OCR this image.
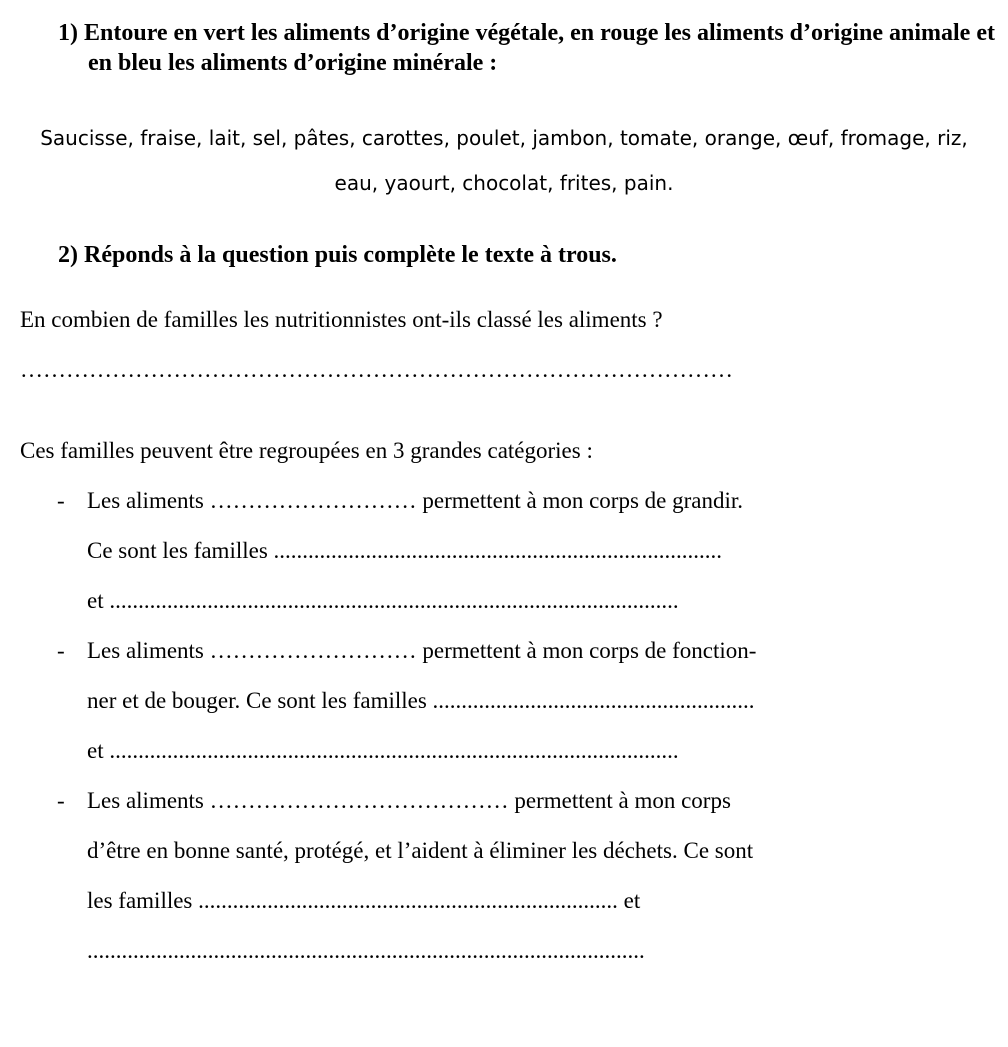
1) Entoure en vert les aliments d’origine végétale, en rouge les aliments d’origine animale et en bleu les aliments d’origine minérale :

Saucisse, fraise, lait, sel, pâtes, carottes, poulet, jambon, tomate, orange, œuf, fromage, riz, eau, yaourt, chocolat, frites, pain.

2) Réponds à la question puis complète le texte à trous.

En combien de familles les nutritionnistes ont-ils classé les aliments ?

…………………………………………………………………………………

Ces familles peuvent être regroupées en 3 grandes catégories :

- Les aliments ……………………… permettent à mon corps de grandir.

Ce sont les familles ..............................................................................

et ...................................................................................................

- Les aliments ……………………… permettent à mon corps de fonction-

ner et de bouger. Ce sont les familles ........................................................

et ...................................................................................................

- Les aliments ………………………………… permettent à mon corps

d’être en bonne santé, protégé, et l’aident à éliminer les déchets. Ce sont

les familles ......................................................................... et

.................................................................................................
